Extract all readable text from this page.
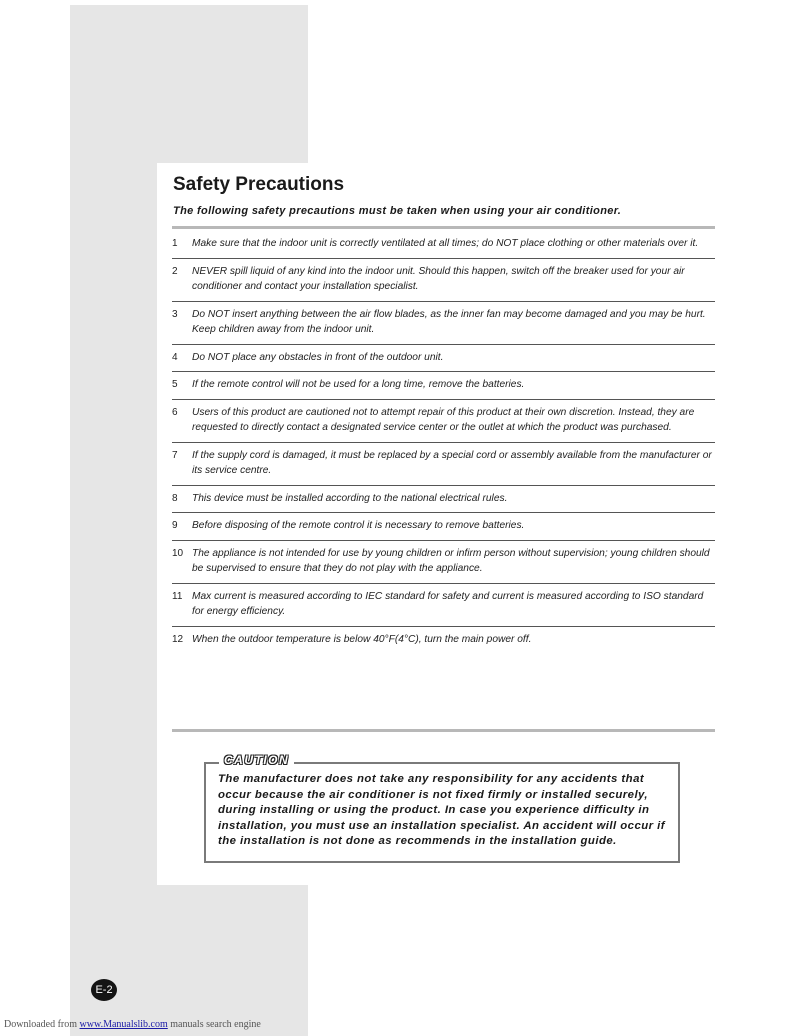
Safety Precautions

The following safety precautions must be taken when using your air conditioner.

1	Make sure that the indoor unit is correctly ventilated at all times; do NOT place clothing or other materials over it.
2	NEVER spill liquid of any kind into the indoor unit. Should this happen, switch off the breaker used for your air conditioner and contact your installation specialist.
3	Do NOT insert anything between the air flow blades, as the inner fan may become damaged and you may be hurt. Keep children away from the indoor unit.
4	Do NOT place any obstacles in front of the outdoor unit.
5	If the remote control will not be used for a long time, remove the batteries.
6	Users of this product are cautioned not to attempt repair of this product at their own discretion. Instead, they are requested to directly contact a designated service center or the outlet at which the product was purchased.
7	If the supply cord is damaged, it must be replaced by a special cord or assembly available from the manufacturer or its service centre.
8	This device must be installed according to the national electrical rules.
9	Before disposing of the remote control it is necessary to remove batteries.
10 The appliance is not intended for use by young children or infirm person without supervision; young children should be supervised to ensure that they do not play with the appliance.
11 Max current is measured according to IEC standard for safety and current is measured according to ISO standard for energy efficiency.
12 When the outdoor temperature is below 40°F(4°C), turn the main power off.
CAUTION

The manufacturer does not take any responsibility for any accidents that occur because the air conditioner is not fixed firmly or installed securely, during installing or using the product. In case you experience difficulty in installation, you must use an installation specialist. An accident will occur if the installation is not done as recommends in the installation guide.

E-2

Downloaded from www.Manualslib.com manuals search engine
